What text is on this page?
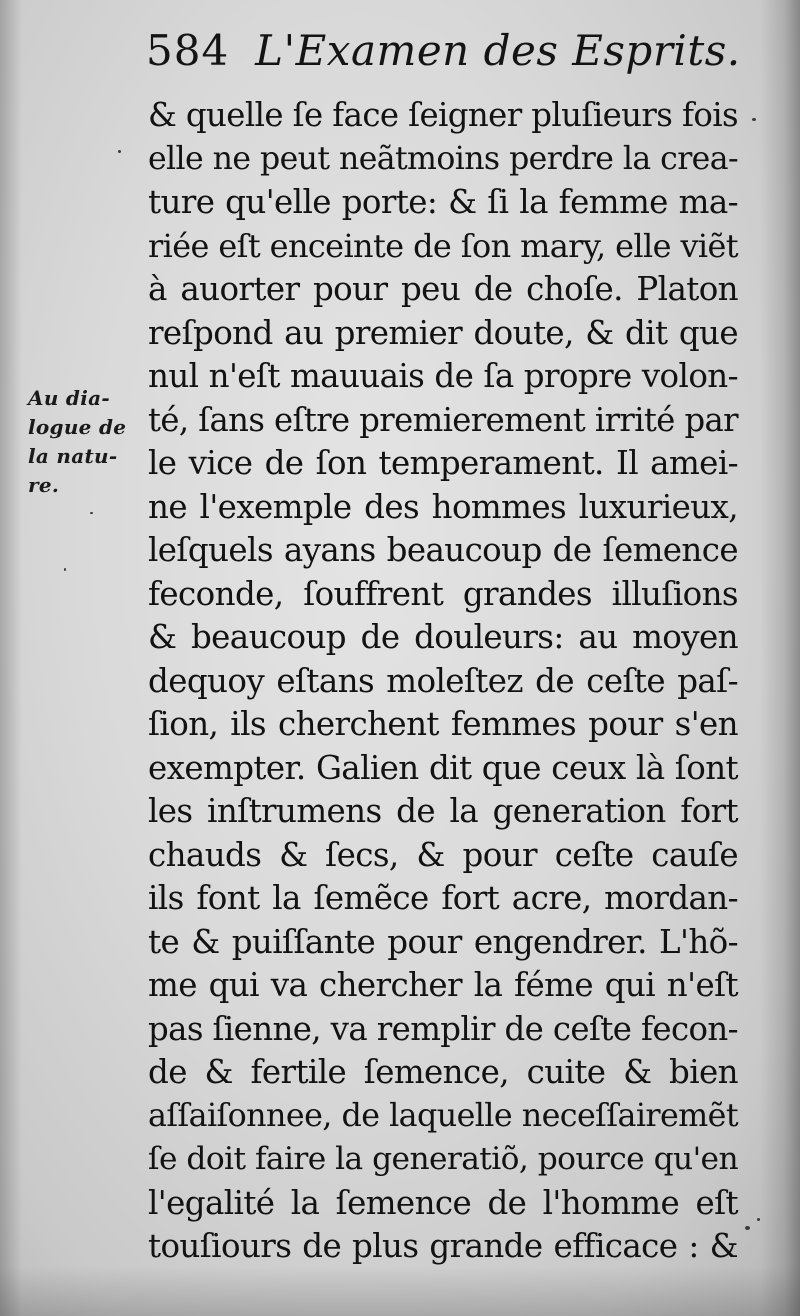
584 L'Examen des Esprits.
Au dia-
logue de
la natu-
re.
& quelle ſe face ſeigner pluſieurs fois
elle ne peut neãtmoins perdre la crea-
ture qu'elle porte: & ſi la femme ma-
riée eſt enceinte de ſon mary, elle viẽt
à auorter pour peu de choſe. Platon
reſpond au premier doute, & dit que
nul n'eſt mauuais de ſa propre volon-
té, ſans eſtre premierement irrité par
le vice de ſon temperament. Il amei-
ne l'exemple des hommes luxurieux,
leſquels ayans beaucoup de ſemence
feconde, ſouffrent grandes illuſions
& beaucoup de douleurs: au moyen
dequoy eſtans moleſtez de ceſte paſ-
ſion, ils cherchent femmes pour s'en
exempter. Galien dit que ceux là ſont
les inſtrumens de la generation fort
chauds & ſecs, & pour ceſte cauſe
ils font la ſemẽce fort acre, mordan-
te & puiſſante pour engendrer. L'hõ-
me qui va chercher la féme qui n'eſt
pas ſienne, va remplir de ceſte fecon-
de & fertile ſemence, cuite & bien
aſſaiſonnee, de laquelle neceſſairemẽt
ſe doit faire la generatiõ, pource qu'en
l'egalité la ſemence de l'homme eſt
touſiours de plus grande efficace : &
